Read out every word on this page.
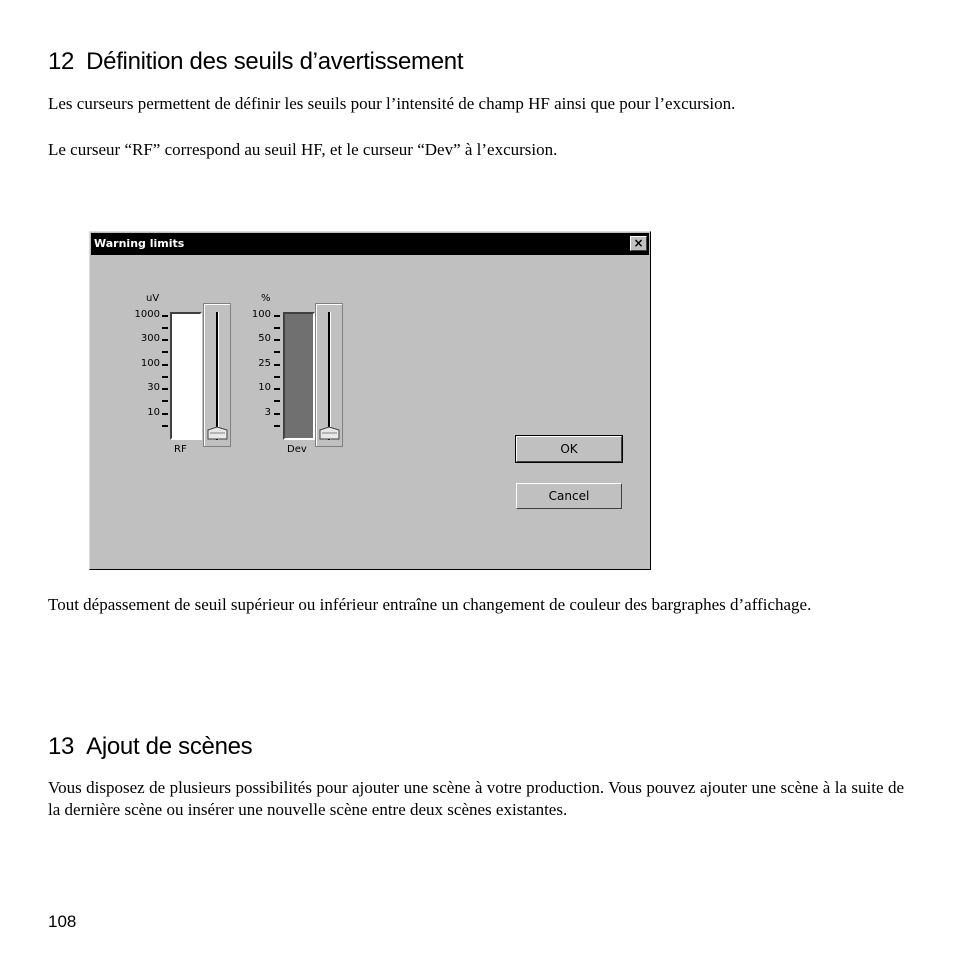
12 Définition des seuils d’avertissement

Les curseurs permettent de définir les seuils pour l’intensité de champ HF ainsi que pour l’excursion.

Le curseur “RF” correspond au seuil HF, et le curseur “Dev” à l’excursion.

Warning limits	×
uV
1000
300
100
30
10
RF
%
100
50
25
10
3
Dev	OK
Cancel

Tout dépassement de seuil supérieur ou inférieur entraîne un changement de couleur des bargraphes d’affichage.

13 Ajout de scènes

Vous disposez de plusieurs possibilités pour ajouter une scène à votre production. Vous pouvez ajouter une scène à la suite de la dernière scène ou insérer une nouvelle scène entre deux scènes existantes.

108
